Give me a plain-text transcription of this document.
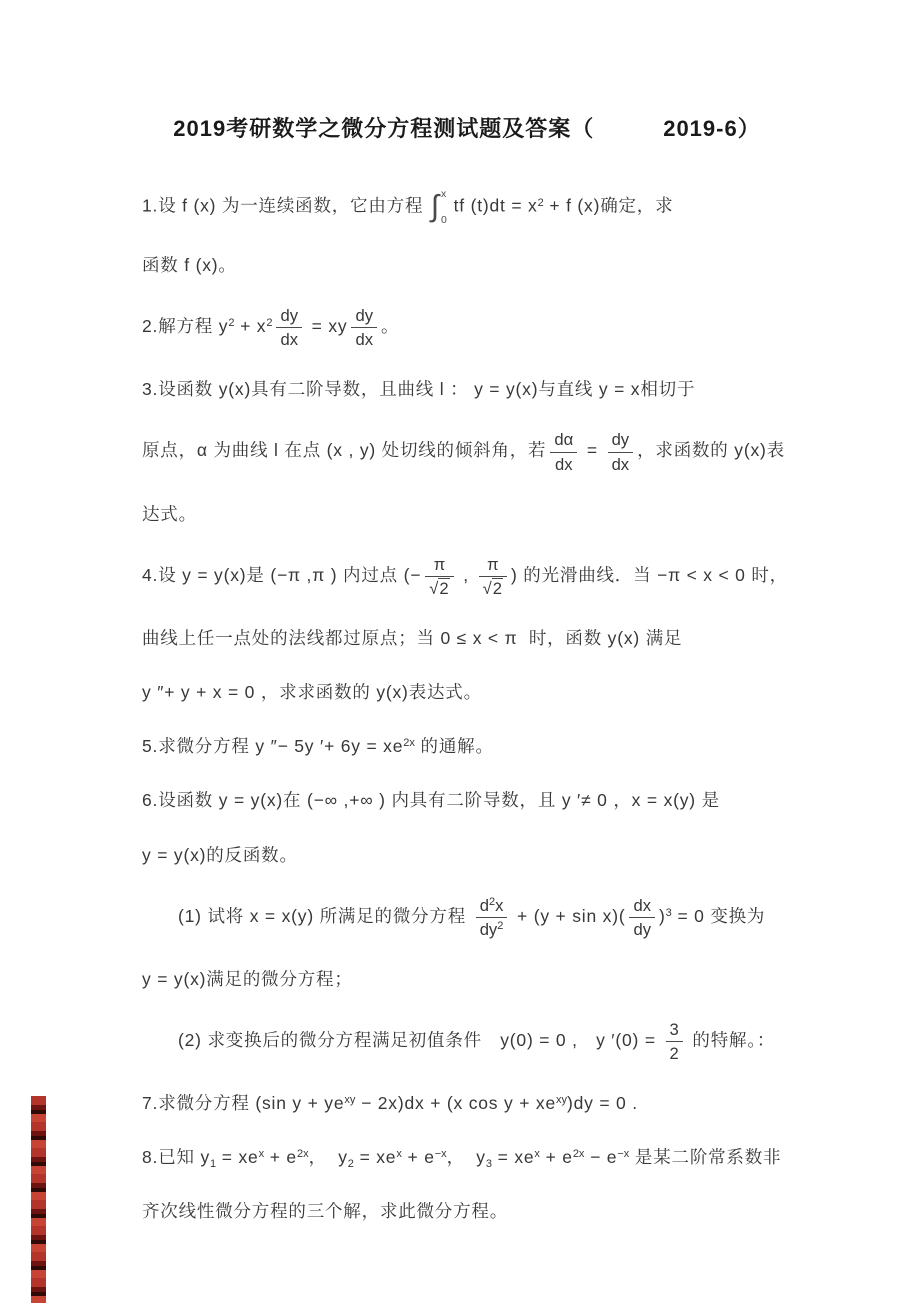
2019考研数学之微分方程测试题及答案（　　　2019-6）
1.设 f (x) 为一连续函数，它由方程 ∫ x
0
tf $(t)dt = x^2 + f$ (x)确定，求
函数 f (x)。
2.解方程 $y^2 + x^2 \frac{dy}{dx}$ = xy $\frac{dy}{dx}$ 。
3.设函数 y(x)具有二阶导数，且曲线 l ： y = y(x)与直线 y = x相切于
原点，α 为曲线 l 在点 (x , y) 处切线的倾斜角，若 $\frac{d\alpha}{dx} = \frac{dy}{dx}$ ，求函数的 y(x)表
达式。
4.设 y = y(x)是 (−π ,π ) 内过点 (− $\frac{\pi}{√2}$ , $\frac{\pi}{√2}$ ) 的光滑曲线．当 −π < x < 0 时，
曲线上任一点处的法线都过原点；当 0 ≤ x < π  时，函数 y(x) 满足
y ″+ y + x = 0 ，求求函数的 y(x)表达式。
5.求微分方程 y ″− 5y ′+ $6y = xe^{2x}$ 的通解。
6.设函数 y = y(x)在 (−∞ ,+∞ ) 内具有二阶导数，且 y ′≠ 0 ，x = x(y) 是
y = y(x)的反函数。
(1) 试将 x = x(y) 所满足的微分方程 $\frac{d^2x}{dy^2} + (y + \sin x)( \frac{dx}{dy} )^3 = 0$ 变换为
y = y(x)满足的微分方程；
(2) 求变换后的微分方程满足初值条件　y(0) = 0 ,　y $'(0) = \frac{3}{2}$ 的特解。：
7.求微分方程 (sin $y + ye^{xy} - 2x)dx + (x$ $\cos y + xe^{xy})dy = 0$ .
8.已知 $y_1 = xe^x + e^{2x}$，  $y_2 = xe^x + e^{-x}$，  $y_3 = xe^x + e^{2x} - e^{-x}$ 是某二阶常系数非
齐次线性微分方程的三个解，求此微分方程。
